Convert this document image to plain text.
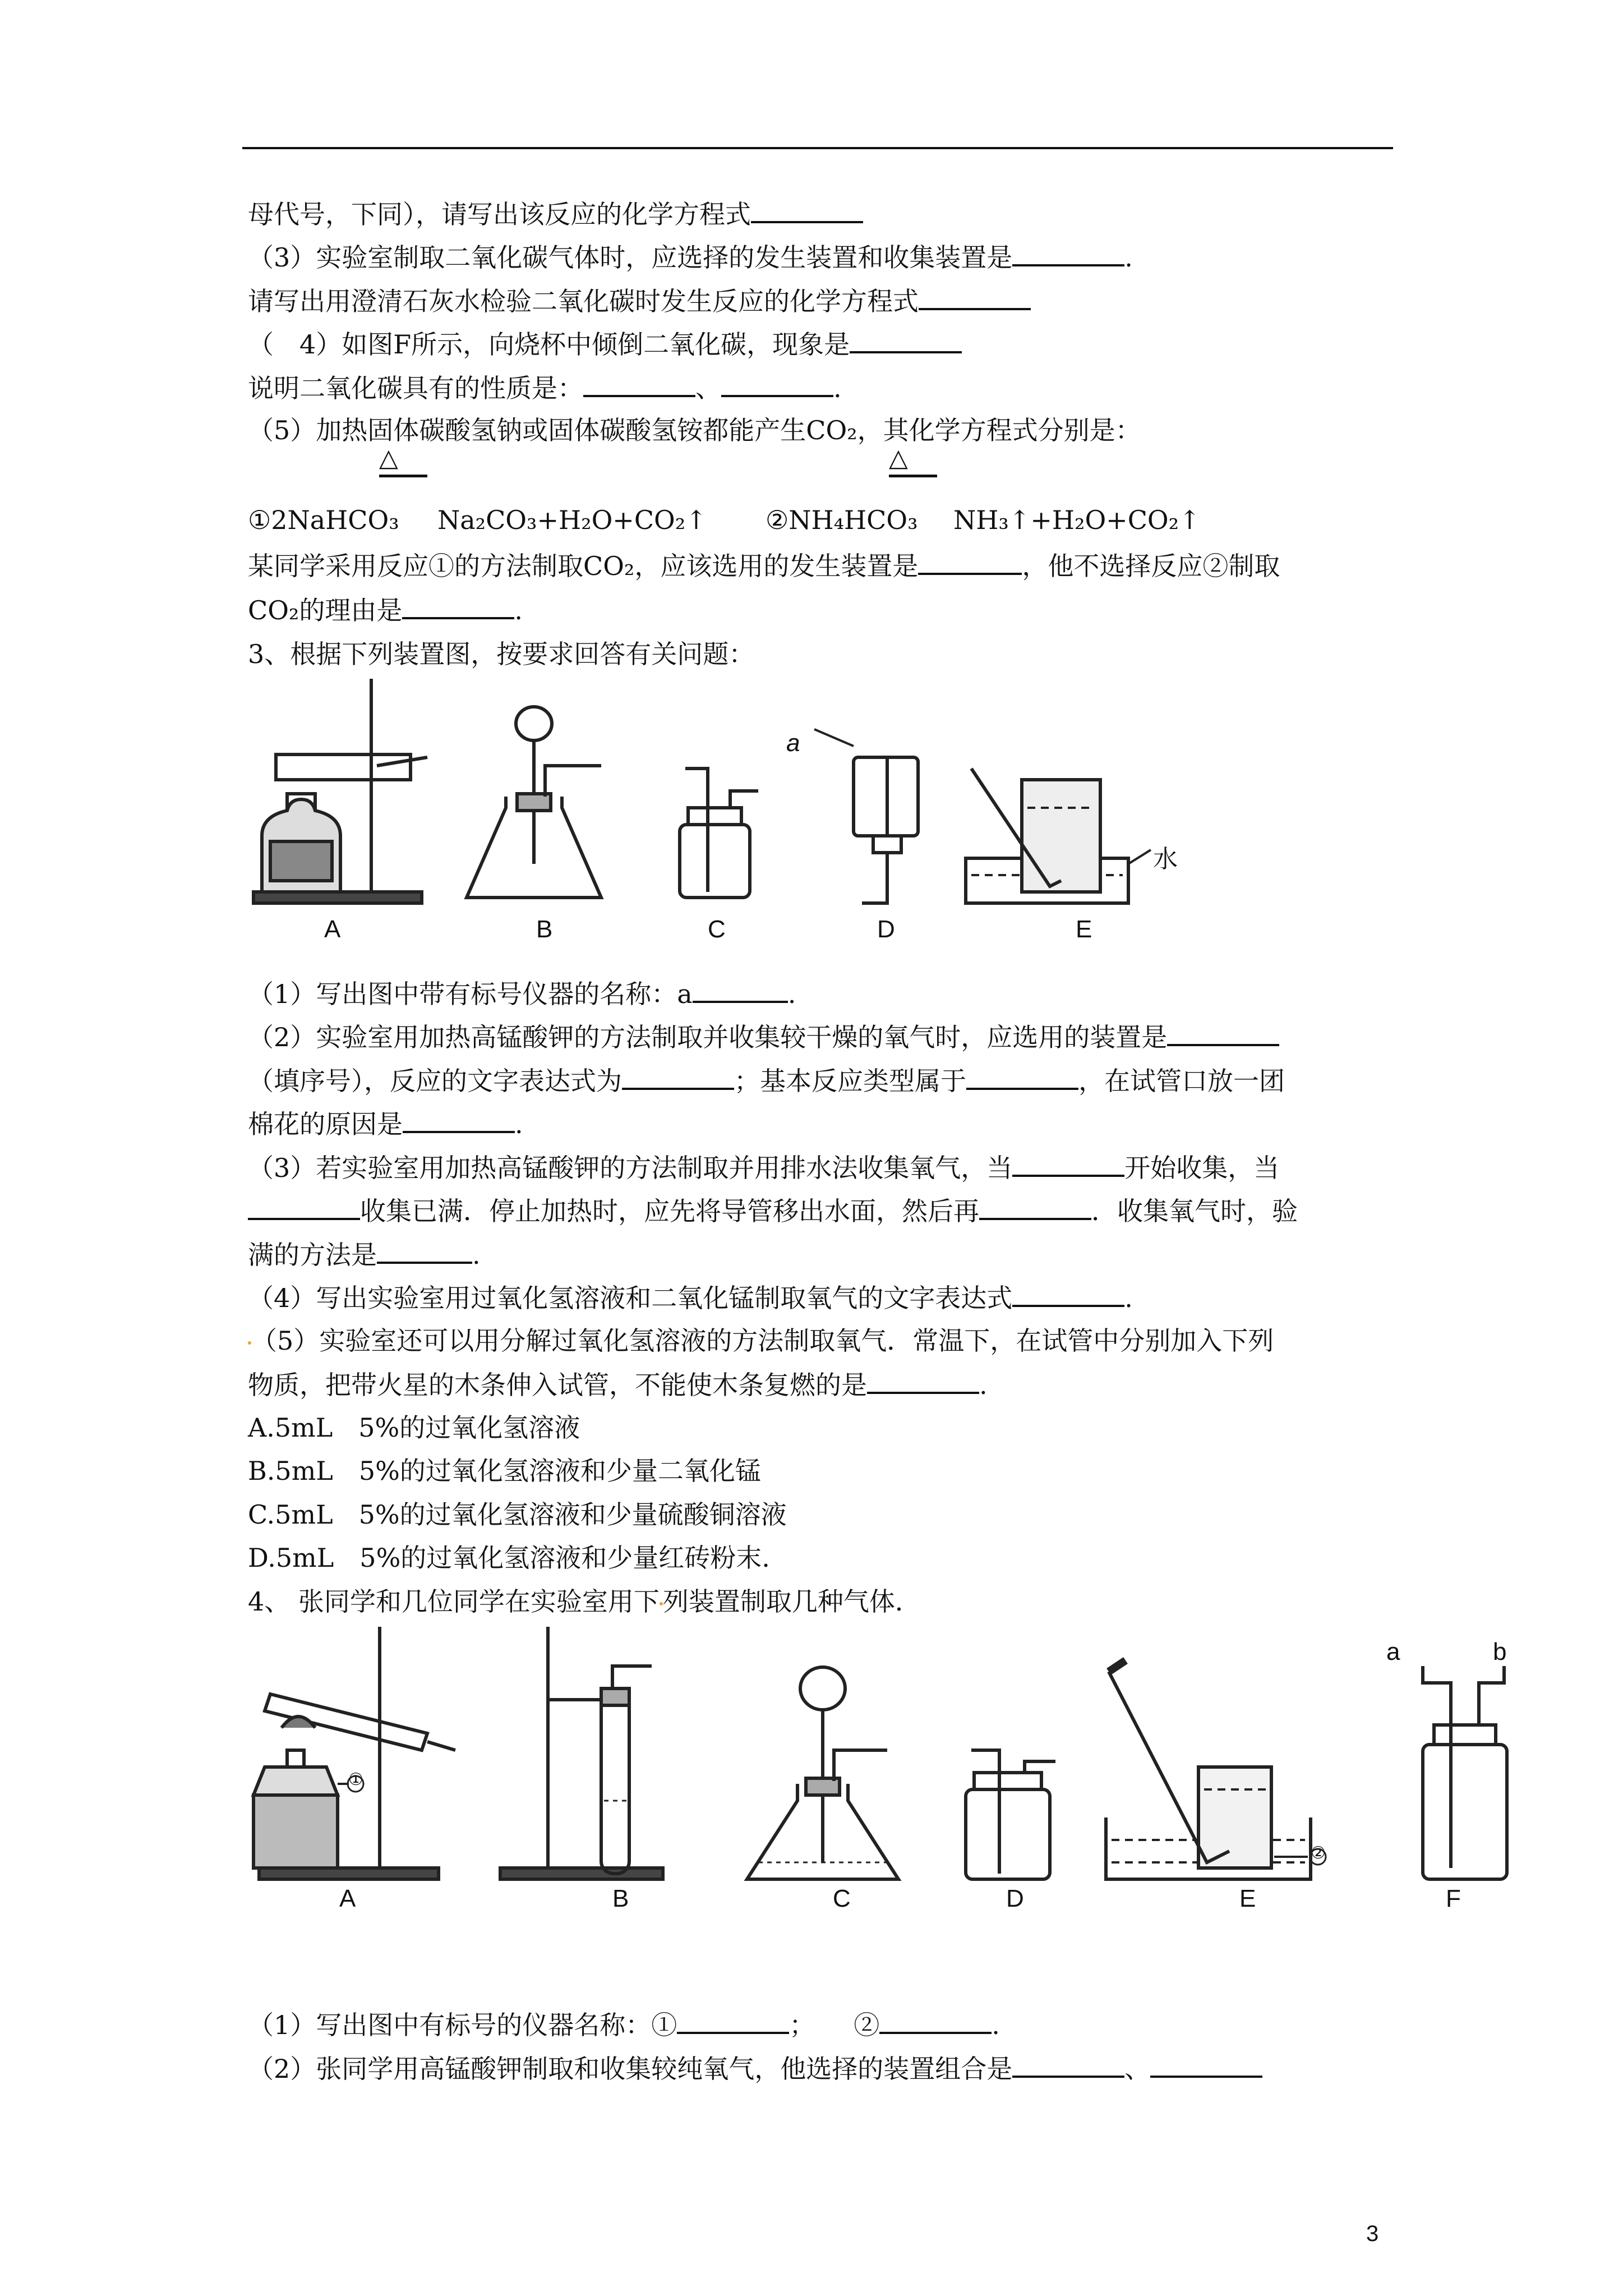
母代号，下同），请写出该反应的化学方程式
（3）实验室制取二氧化碳气体时，应选择的发生装置和收集装置是	.
请写出用澄清石灰水检验二氧化碳时发生反应的化学方程式
（　4）如图F所示，向烧杯中倾倒二氧化碳，现象是
说明二氧化碳具有的性质是：	、	.
（5）加热固体碳酸氢钠或固体碳酸氢铵都能产生CO₂，其化学方程式分别是：
△	△
①2NaHCO₃ Na₂CO₃+H₂O+CO₂↑ ②NH₄HCO₃ NH₃↑+H₂O+CO₂↑
某同学采用反应①的方法制取CO₂，应该选用的发生装置是	，他不选择反应②制取
CO₂的理由是	.
3、根据下列装置图，按要求回答有关问题：
a
水
A	B	C	D	E
（1）写出图中带有标号仪器的名称：a	.
（2）实验室用加热高锰酸钾的方法制取并收集较干燥的氧气时，应选用的装置是
（填序号），反应的文字表达式为	；基本反应类型属于	，在试管口放一团
棉花的原因是	.
（3）若实验室用加热高锰酸钾的方法制取并用排水法收集氧气，当	开始收集，当
收集已满．停止加热时，应先将导管移出水面，然后再	．收集氧气时，验
满的方法是	.
（4）写出实验室用过氧化氢溶液和二氧化锰制取氧气的文字表达式	.
（5）实验室还可以用分解过氧化氢溶液的方法制取氧气．常温下，在试管中分别加入下列
物质，把带火星的木条伸入试管，不能使木条复燃的是	.
A.5mL　5%的过氧化氢溶液
B.5mL　5%的过氧化氢溶液和少量二氧化锰
C.5mL　5%的过氧化氢溶液和少量硫酸铜溶液
D.5mL　5%的过氧化氢溶液和少量红砖粉末.
4、 张同学和几位同学在实验室用下 列装置制取几种气体．
A	B	C	D	E	F
①
②
a	b
（1）写出图中有标号的仪器名称：①	；　　②	.
（2）张同学用高锰酸钾制取和收集较纯氧气，他选择的装置组合是	、
3
